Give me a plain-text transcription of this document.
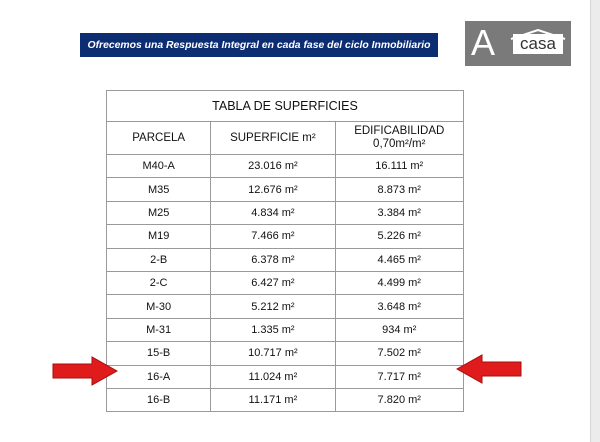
Ofrecemos una Respuesta Integral en cada fase del ciclo Inmobiliario A	casa
TABLA DE SUPERFICIES		
PARCELA	SUPERFICIE m²	EDIFICABILIDAD
0,70m²/m²
M40-A	23.016 m²	16.111 m²
M35	12.676 m²	8.873 m²
M25	4.834 m²	3.384 m²
M19	7.466 m²	5.226 m²
2-B	6.378 m²	4.465 m²
2-C	6.427 m²	4.499 m²
M-30	5.212 m²	3.648 m²
M-31	1.335 m²	934 m²
15-B	10.717 m²	7.502 m²
16-A	11.024 m²	7.717 m²
16-B	11.171 m²	7.820 m²
